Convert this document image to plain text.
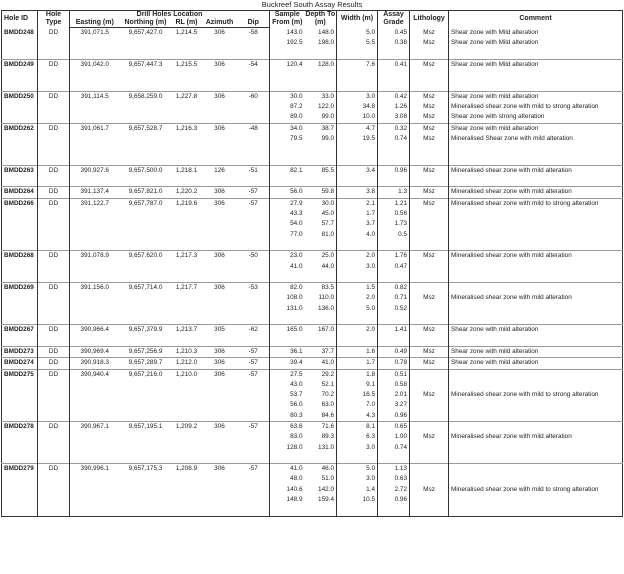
Buckreef South Assay Results
Hole ID	Hole Type	Drill Holes Location					Sample From (m)	Depth To (m)	Width (m)	Assay Grade	Lithology	Comment
		Easting (m)	Northing (m)	RL (m)	Azimuth	Dip						
BMDD248	DD	391,071.5	9,657,427.0	1,214.5	306	-58	143.0	148.0	5.0	0.45	Msz	Shear zone with Mild alteration
							192.5	198.0	5.5	0.38	Msz	Shear zone with Mild alteration

BMDD249	DD	391,042.0	9,657,447.3	1,215.5	306	-54	120.4	128.0	7.6	0.41	Msz	Shear zone with Mild alteration

BMDD250	DD	391,114.5	9,658,259.0	1,227.8	306	-60	30.0	33.0	3.0	0.42	Msz	Shear zone with mild alteration
							87.2	122.0	34.8	1.26	Msz	Mineralised shear zone with mild to strong alteration
							89.0	99.0	10.0	3.08	Msz	Shear zone with strong alteration
BMDD262	DD	391,061.7	9,657,528.7	1,216.3	306	-48	34.0	38.7	4.7	0.32	Msz	Shear zone with mild alteration
							79.5	99.0	19.5	0.74	Msz	Mineralised Shear zone with mild alteration

BMDD263	DD	390,927.6	9,657,500.0	1,218.1	126	-51	82.1	85.5	3.4	0.96	Msz	Mineralised shear zone with mild alteration

BMDD264	DD	391,137.4	9,657,821.0	1,220.2	306	-57	56.0	59.8	3.8	1.3	Msz	Mineralised shear zone with mild alteration
BMDD266	DD	391,122.7	9,657,787.0	1,219.6	306	-57	27.9	30.0	2.1	1.21	Msz	Mineralised shear zone with mild to strong alteration
							43.3	45.0	1.7	0.56		
							54.0	57.7	3.7	1.73		
							77.0	81.0	4.0	0.5		

BMDD268	DD	391,078.9	9,657,620.0	1,217.3	306	-50	23.0	25.0	2.0	1.76	Msz	Mineralised shear zone with mild alteration
							41.0	44.0	3.0	0.47		

BMDD269	DD	391,156.0	9,657,714.0	1,217.7	306	-53	82.0	83.5	1.5	0.82		
							108.0	110.0	2.0	0.71	Msz	Mineralised shear zone with mild alteration
							131.0	136.0	5.0	0.52		

BMDD267	DD	390,966.4	9,657,379.9	1,213.7	305	-62	165.0	167.0	2.0	1.41	Msz	Shear zone with mild alteration

BMDD273	DD	390,969.4	9,657,256.9	1,210.3	306	-57	36.1	37.7	1.6	0.49	Msz	Shear zone with mild alteration
BMDD274	DD	390,918.3	9,657,289.7	1,212.0	306	-57	39.4	41.0	1.7	0.78	Msz	Shear zone with mild alteration
BMDD275	DD	390,940.4	9,657,216.0	1,210.0	306	-57	27.5	29.2	1.8	0.51		
							43.0	52.1	9.1	0.58		
							53.7	70.2	16.5	2.01	Msz	Mineralised shear zone with mild to strong alteration
							56.0	63.0	7.0	3.27		
							80.3	84.6	4.3	0.96		
BMDD278	DD	390,967.1	9,657,195.1	1,209.2	306	-57	63.6	71.6	8.1	0.65		
							83.0	89.3	6.3	1.00	Msz	Mineralised shear zone with mild alteration
							128.0	131.0	3.0	0.74		

BMDD279	DD	390,996.1	9,657,175.3	1,208.9	306	-57	41.0	46.0	5.0	1.13		
							48.0	51.0	3.0	0.63		
							140.6	142.0	1.4	2.72	Msz	Mineralised shear zone with mild to strong alteration
							148.9	159.4	10.5	0.96		
